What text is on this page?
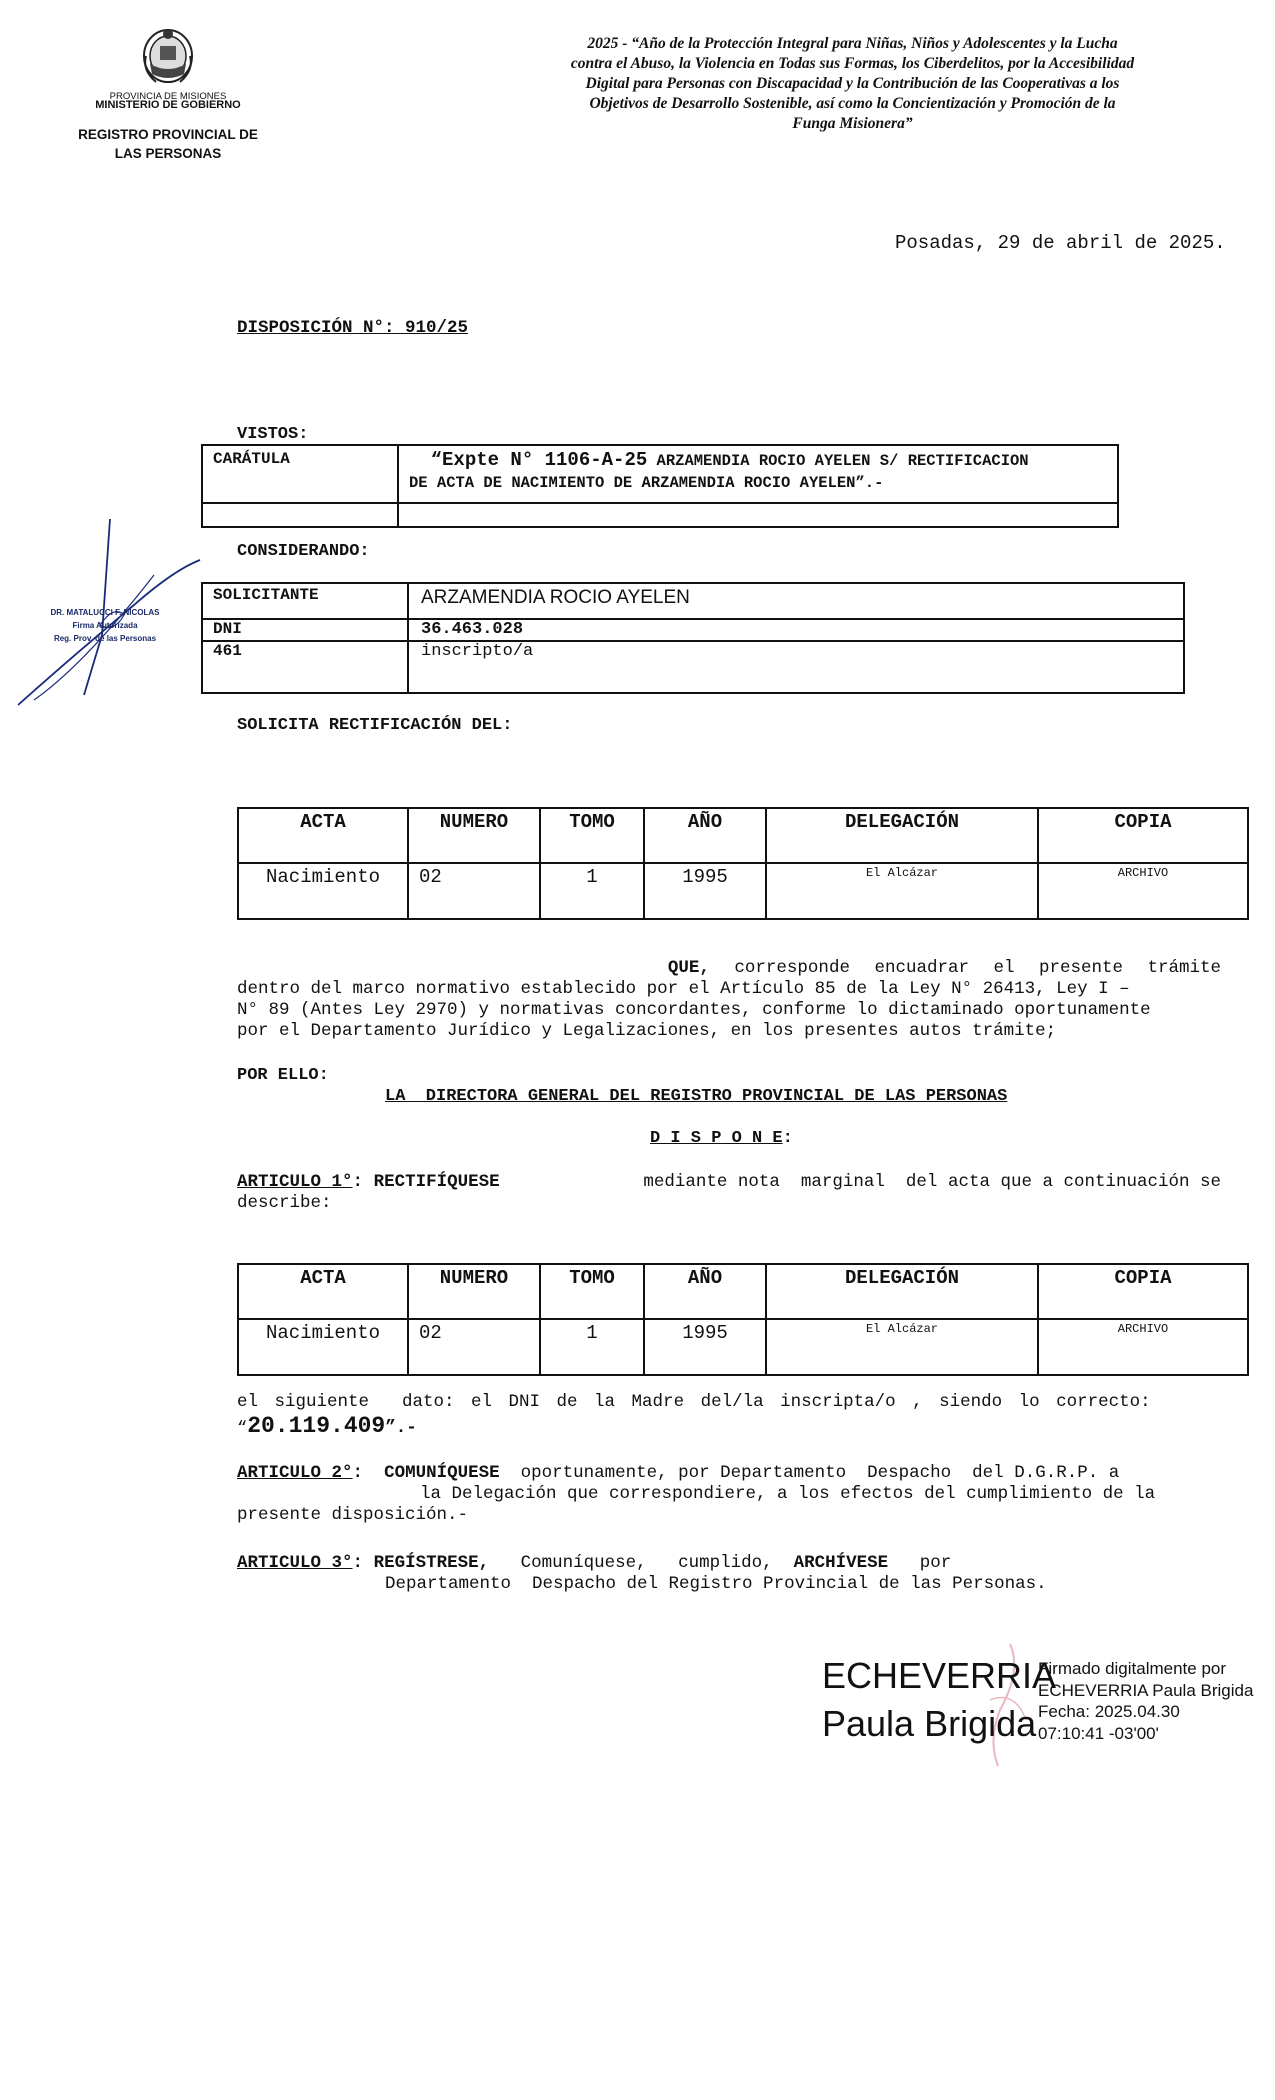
PROVINCIA DE MISIONES
MINISTERIO DE GOBIERNO
REGISTRO PROVINCIAL DE
LAS PERSONAS
2025 - “Año de la Protección Integral para Niñas, Niños y Adolescentes y la Lucha
contra el Abuso, la Violencia en Todas sus Formas, los Ciberdelitos, por la Accesibilidad
Digital para Personas con Discapacidad y la Contribución de las Cooperativas a los
Objetivos de Desarrollo Sostenible, así como la Concientización y Promoción de la
Funga Misionera”
Posadas, 29 de abril de 2025.
DISPOSICIÓN N°: 910/25
VISTOS:
CARÁTULA	“Expte N° 1106-A-25 ARZAMENDIA ROCIO AYELEN S/ RECTIFICACION
DE ACTA DE NACIMIENTO DE ARZAMENDIA ROCIO AYELEN”.-

CONSIDERANDO:
DR. MATALUCCI F. NICOLAS
Firma Autorizada
Reg. Prov. de las Personas
SOLICITANTE	ARZAMENDIA ROCIO AYELEN
DNI	36.463.028
461	inscripto/a
SOLICITA RECTIFICACIÓN DEL:
ACTA	NUMERO	TOMO	AÑO	DELEGACIÓN	COPIA
Nacimiento	02	1	1995	El Alcázar	ARCHIVO
QUE, corresponde encuadrar el presente trámite
dentro del marco normativo establecido por el Artículo 85 de la Ley N° 26413, Ley I –
N° 89 (Antes Ley 2970) y normativas concordantes, conforme lo dictaminado oportunamente
por el Departamento Jurídico y Legalizaciones, en los presentes autos trámite;
POR ELLO:
LA  DIRECTORA GENERAL DEL REGISTRO PROVINCIAL DE LAS PERSONAS
D I S P O N E:
ARTICULO 1°: RECTIFÍQUESE	mediante nota  marginal  del acta que a continuación se
describe:
ACTA	NUMERO	TOMO	AÑO	DELEGACIÓN	COPIA
Nacimiento	02	1	1995	El Alcázar	ARCHIVO
el siguiente  dato: el DNI de la Madre del/la inscripta/o , siendo lo correcto:
“20.119.409”.-
ARTICULO 2°: COMUNÍQUESE oportunamente, por Departamento  Despacho  del D.G.R.P. a
la Delegación que correspondiere, a los efectos del cumplimiento de la
presente disposición.-
ARTICULO 3°: REGÍSTRESE, Comuníquese,   cumplido, ARCHÍVESE por
Departamento  Despacho del Registro Provincial de las Personas.
ECHEVERRIA
Paula Brigida
Firmado digitalmente por
ECHEVERRIA Paula Brigida
Fecha: 2025.04.30
07:10:41 -03'00'
